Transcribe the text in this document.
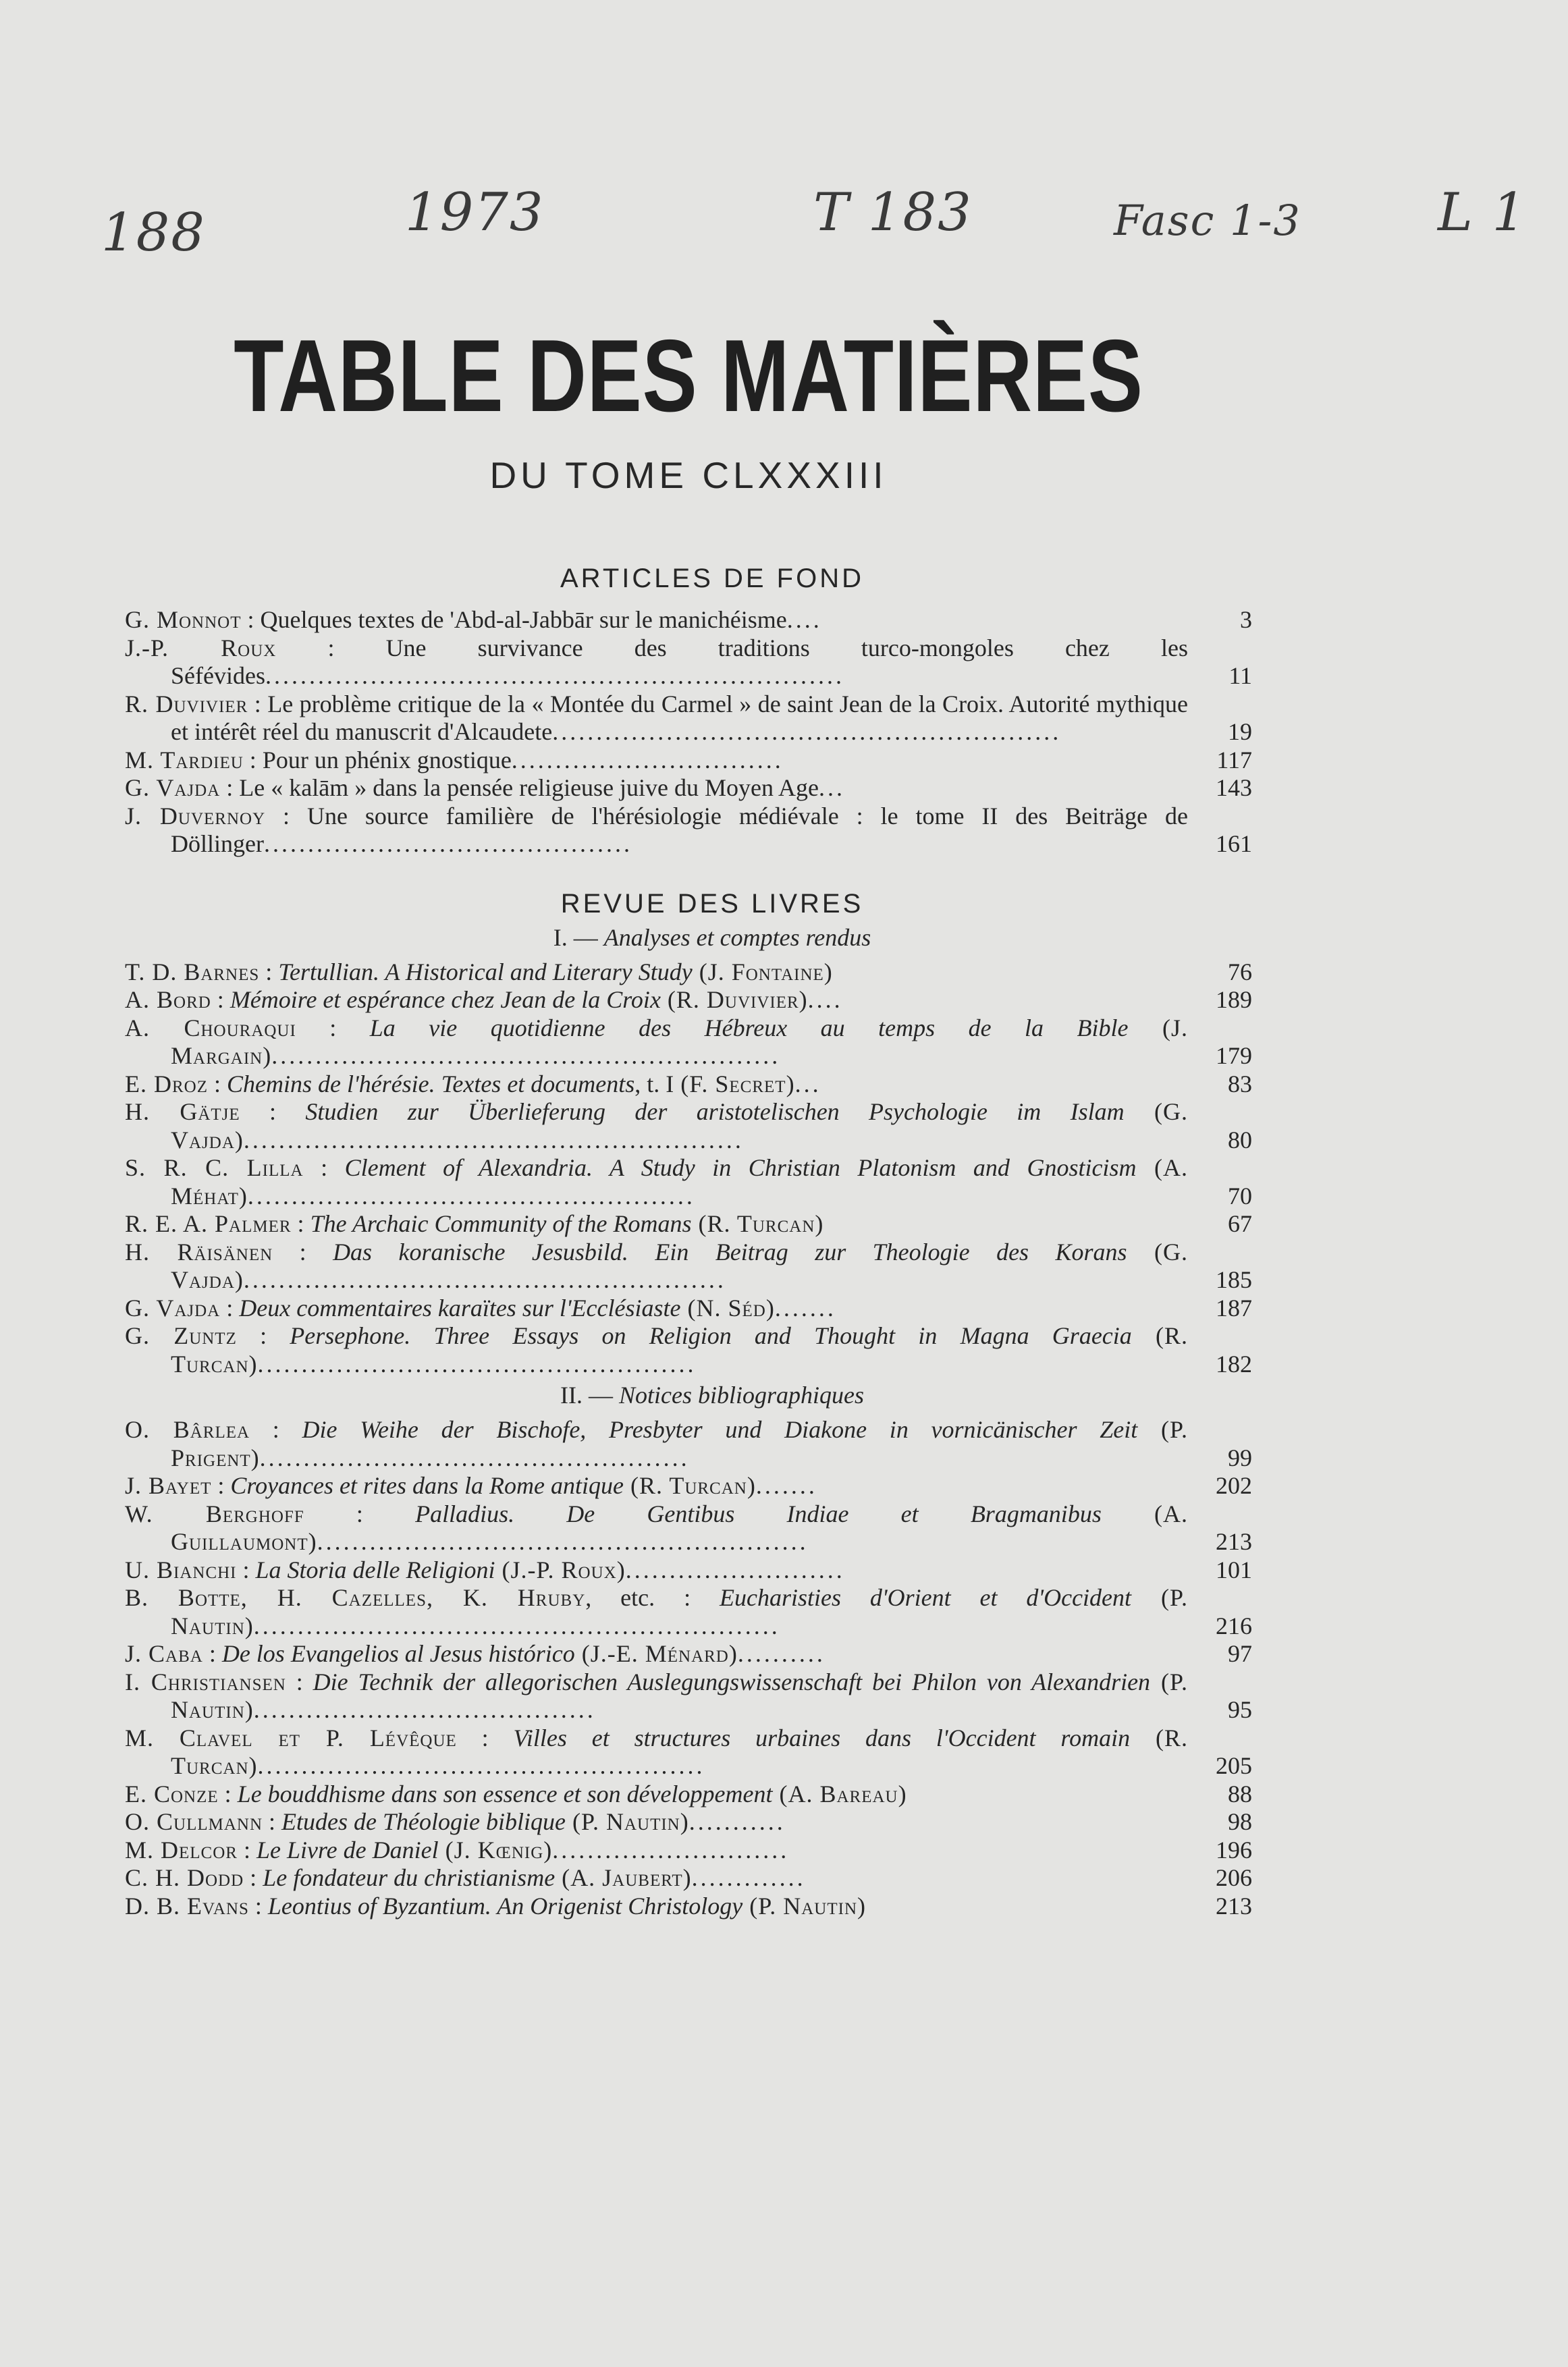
188	1973	T 183	Fasc 1-3	L 1
TABLE DES MATIÈRES
DU TOME CLXXXIII
ARTICLES DE FOND
G. Monnot : Quelques textes de 'Abd-al-Jabbār sur le manichéisme....	3
J.-P. Roux : Une survivance des traditions turco-mongoles chez les Séfévides..................................................................	11
R. Duvivier : Le problème critique de la « Montée du Carmel » de saint Jean de la Croix. Autorité mythique et intérêt réel du manuscrit d'Alcaudete..........................................................	19
M. Tardieu : Pour un phénix gnostique...............................	117
G. Vajda : Le « kalām » dans la pensée religieuse juive du Moyen Age...	143
J. Duvernoy : Une source familière de l'hérésiologie médiévale : le tome II des Beiträge de Döllinger..........................................	161
REVUE DES LIVRES
I. — Analyses et comptes rendus
T. D. Barnes : Tertullian. A Historical and Literary Study (J. Fontaine)	76
A. Bord : Mémoire et espérance chez Jean de la Croix (R. Duvivier)....	189
A. Chouraqui : La vie quotidienne des Hébreux au temps de la Bible (J. Margain)..........................................................	179
E. Droz : Chemins de l'hérésie. Textes et documents, t. I (F. Secret)...	83
H. Gätje : Studien zur Überlieferung der aristotelischen Psychologie im Islam (G. Vajda).........................................................	80
S. R. C. Lilla : Clement of Alexandria. A Study in Christian Platonism and Gnosticism (A. Méhat)...................................................	70
R. E. A. Palmer : The Archaic Community of the Romans (R. Turcan)	67
H. Räisänen : Das koranische Jesusbild. Ein Beitrag zur Theologie des Korans (G. Vajda).......................................................	185
G. Vajda : Deux commentaires karaïtes sur l'Ecclésiaste (N. Séd).......	187
G. Zuntz : Persephone. Three Essays on Religion and Thought in Magna Graecia (R. Turcan)..................................................	182
II. — Notices bibliographiques
O. Bârlea : Die Weihe der Bischofe, Presbyter und Diakone in vornicänischer Zeit (P. Prigent).................................................	99
J. Bayet : Croyances et rites dans la Rome antique (R. Turcan).......	202
W. Berghoff : Palladius. De Gentibus Indiae et Bragmanibus (A. Guillaumont)........................................................	213
U. Bianchi : La Storia delle Religioni (J.-P. Roux).........................	101
B. Botte, H. Cazelles, K. Hruby, etc. : Eucharisties d'Orient et d'Occident (P. Nautin)............................................................	216
J. Caba : De los Evangelios al Jesus histórico (J.-E. Ménard)..........	97
I. Christiansen : Die Technik der allegorischen Auslegungswissenschaft bei Philon von Alexandrien (P. Nautin).......................................	95
M. Clavel et P. Lévêque : Villes et structures urbaines dans l'Occident romain (R. Turcan)...................................................	205
E. Conze : Le bouddhisme dans son essence et son développement (A. Bareau)	88
O. Cullmann : Etudes de Théologie biblique (P. Nautin)...........	98
M. Delcor : Le Livre de Daniel (J. Kœnig)...........................	196
C. H. Dodd : Le fondateur du christianisme (A. Jaubert).............	206
D. B. Evans : Leontius of Byzantium. An Origenist Christology (P. Nautin)	213
